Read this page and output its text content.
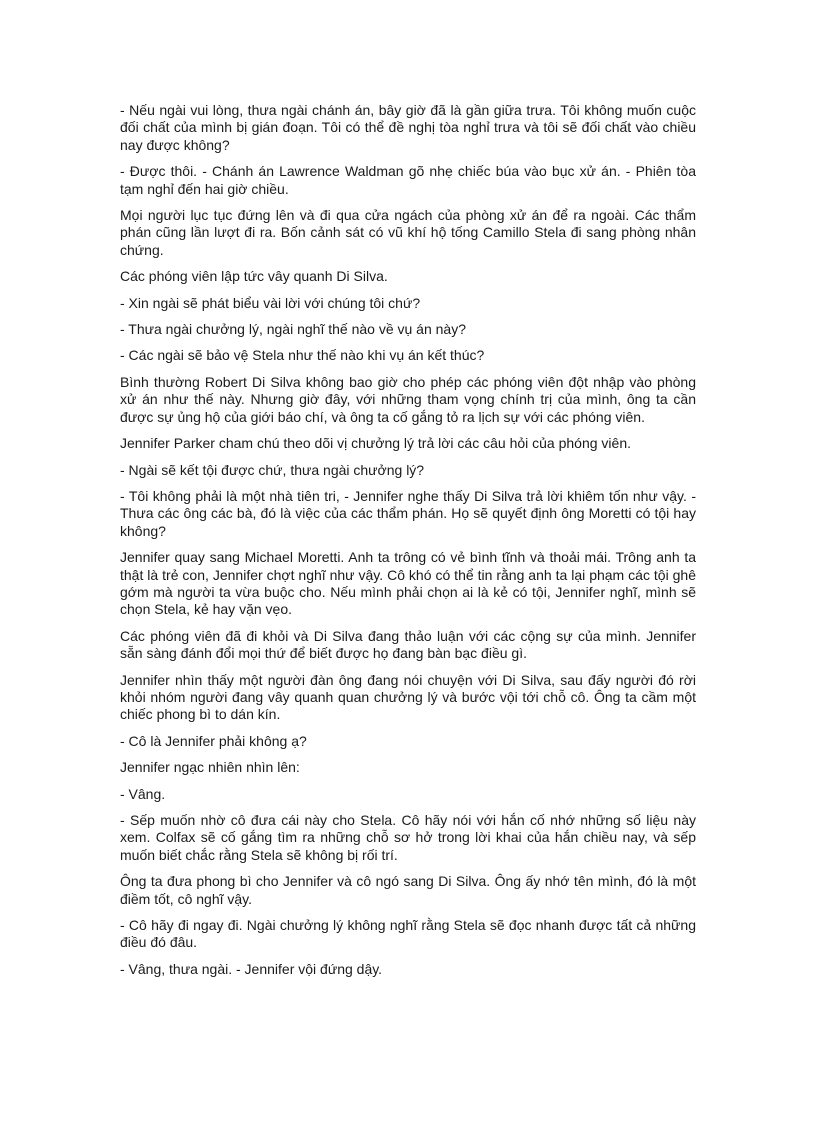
- Nếu ngài vui lòng, thưa ngài chánh án, bây giờ đã là gần giữa trưa. Tôi không muốn cuộc đối chất của mình bị gián đoạn. Tôi có thể đề nghị tòa nghỉ trưa và tôi sẽ đối chất vào chiều nay được không?

- Được thôi. - Chánh án Lawrence Waldman gõ nhẹ chiếc búa vào bục xử án. - Phiên tòa tạm nghỉ đến hai giờ chiều.

Mọi người lục tục đứng lên và đi qua cửa ngách của phòng xử án để ra ngoài. Các thẩm phán cũng lần lượt đi ra. Bốn cảnh sát có vũ khí hộ tống Camillo Stela đi sang phòng nhân chứng.

Các phóng viên lập tức vây quanh Di Silva.

- Xin ngài sẽ phát biểu vài lời với chúng tôi chứ?

- Thưa ngài chưởng lý, ngài nghĩ thế nào về vụ án này?

- Các ngài sẽ bảo vệ Stela như thế nào khi vụ án kết thúc?

Bình thường Robert Di Silva không bao giờ cho phép các phóng viên đột nhập vào phòng xử án như thế này. Nhưng giờ đây, với những tham vọng chính trị của mình, ông ta cần được sự ủng hộ của giới báo chí, và ông ta cố gắng tỏ ra lịch sự với các phóng viên.

Jennifer Parker cham chú theo dõi vị chưởng lý trả lời các câu hỏi của phóng viên.

- Ngài sẽ kết tội được chứ, thưa ngài chưởng lý?

- Tôi không phải là một nhà tiên tri, - Jennifer nghe thấy Di Silva trả lời khiêm tốn như vậy. - Thưa các ông các bà, đó là việc của các thẩm phán. Họ sẽ quyết định ông Moretti có tội hay không?

Jennifer quay sang Michael Moretti. Anh ta trông có vẻ bình tĩnh và thoải mái. Trông anh ta thật là trẻ con, Jennifer chợt nghĩ như vậy. Cô khó có thể tin rằng anh ta lại phạm các tội ghê gớm mà người ta vừa buộc cho. Nếu mình phải chọn ai là kẻ có tội, Jennifer nghĩ, mình sẽ chọn Stela, kẻ hay vặn vẹo.

Các phóng viên đã đi khỏi và Di Silva đang thảo luận với các cộng sự của mình. Jennifer sẵn sàng đánh đổi mọi thứ để biết được họ đang bàn bạc điều gì.

Jennifer nhìn thấy một người đàn ông đang nói chuyện với Di Silva, sau đấy người đó rời khỏi nhóm người đang vây quanh quan chưởng lý và bước vội tới chỗ cô. Ông ta cầm một chiếc phong bì to dán kín.

- Cô là Jennifer phải không ạ?

Jennifer ngạc nhiên nhìn lên:

- Vâng.

- Sếp muốn nhờ cô đưa cái này cho Stela. Cô hãy nói với hắn cố nhớ những số liệu này xem. Colfax sẽ cố gắng tìm ra những chỗ sơ hở trong lời khai của hắn chiều nay, và sếp muốn biết chắc rằng Stela sẽ không bị rối trí.

Ông ta đưa phong bì cho Jennifer và cô ngó sang Di Silva. Ông ấy nhớ tên mình, đó là một điềm tốt, cô nghĩ vậy.

- Cô hãy đi ngay đi. Ngài chưởng lý không nghĩ rằng Stela sẽ đọc nhanh được tất cả những điều đó đâu.

- Vâng, thưa ngài. - Jennifer vội đứng dậy.
